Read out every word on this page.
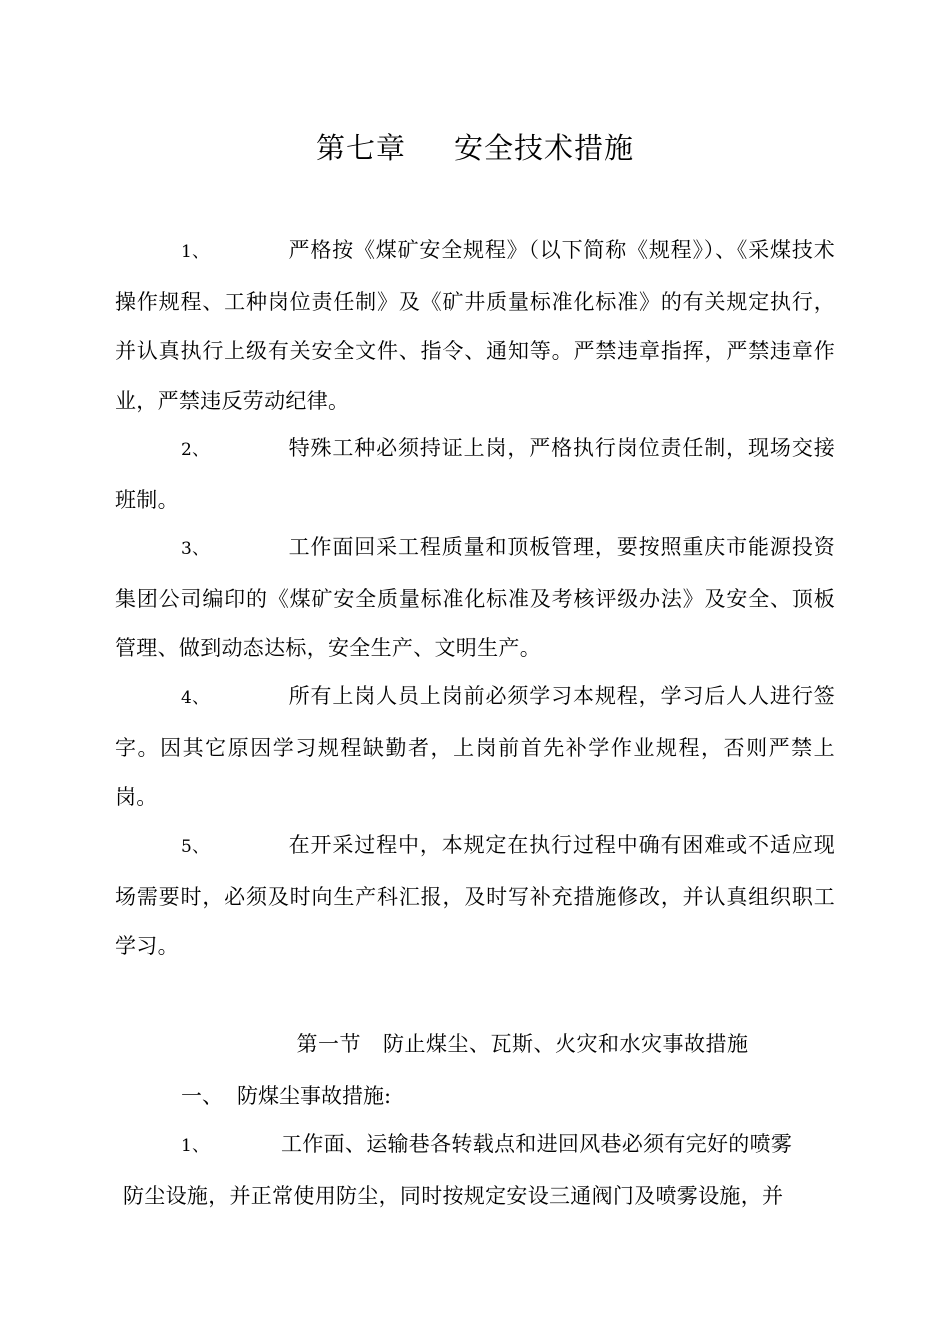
第七章 安全技术措施

1、	严格按《煤矿安全规程》（以下简称《规程》）、《采煤技术操作规程、工种岗位责任制》及《矿井质量标准化标准》的有关规定执行，并认真执行上级有关安全文件、指令、通知等。严禁违章指挥，严禁违章作业，严禁违反劳动纪律。

2、	特殊工种必须持证上岗，严格执行岗位责任制，现场交接班制。

3、	工作面回采工程质量和顶板管理，要按照重庆市能源投资集团公司编印的《煤矿安全质量标准化标准及考核评级办法》及安全、顶板管理、做到动态达标，安全生产、文明生产。

4、	所有上岗人员上岗前必须学习本规程，学习后人人进行签字。因其它原因学习规程缺勤者，上岗前首先补学作业规程，否则严禁上岗。

5、	在开采过程中，本规定在执行过程中确有困难或不适应现场需要时，必须及时向生产科汇报，及时写补充措施修改，并认真组织职工学习。

第一节 防止煤尘、瓦斯、火灾和水灾事故措施
一、 防煤尘事故措施:

1、	工作面、运输巷各转载点和进回风巷必须有完好的喷雾

防尘设施，并正常使用防尘，同时按规定安设三通阀门及喷雾设施，并
